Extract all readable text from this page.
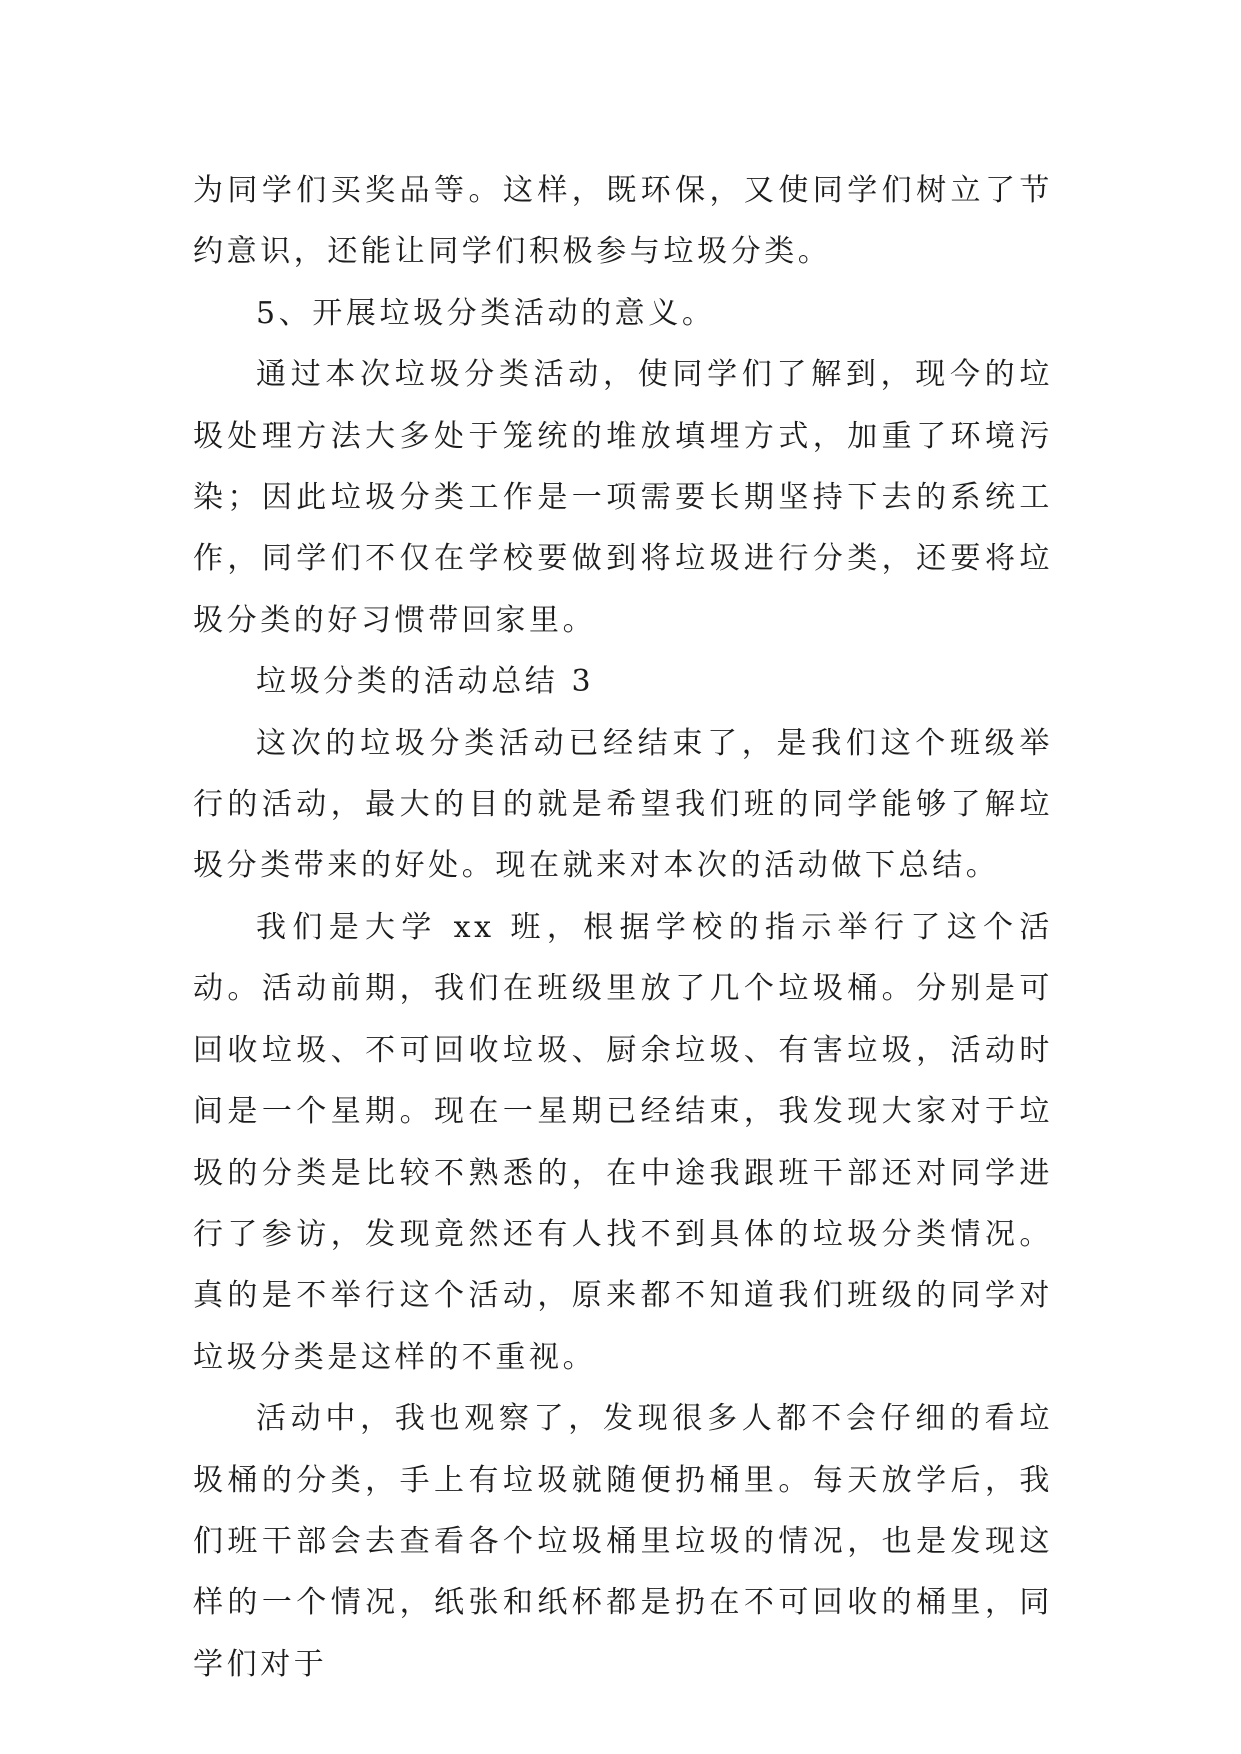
为同学们买奖品等。这样，既环保，又使同学们树立了节约意识，还能让同学们积极参与垃圾分类。

5、开展垃圾分类活动的意义。

通过本次垃圾分类活动，使同学们了解到，现今的垃圾处理方法大多处于笼统的堆放填埋方式，加重了环境污染；因此垃圾分类工作是一项需要长期坚持下去的系统工作，同学们不仅在学校要做到将垃圾进行分类，还要将垃圾分类的好习惯带回家里。

垃圾分类的活动总结 3

这次的垃圾分类活动已经结束了，是我们这个班级举行的活动，最大的目的就是希望我们班的同学能够了解垃圾分类带来的好处。现在就来对本次的活动做下总结。

我们是大学 xx 班，根据学校的指示举行了这个活动。活动前期，我们在班级里放了几个垃圾桶。分别是可回收垃圾、不可回收垃圾、厨余垃圾、有害垃圾，活动时间是一个星期。现在一星期已经结束，我发现大家对于垃圾的分类是比较不熟悉的，在中途我跟班干部还对同学进行了参访，发现竟然还有人找不到具体的垃圾分类情况。真的是不举行这个活动，原来都不知道我们班级的同学对垃圾分类是这样的不重视。

活动中，我也观察了，发现很多人都不会仔细的看垃圾桶的分类，手上有垃圾就随便扔桶里。每天放学后，我们班干部会去查看各个垃圾桶里垃圾的情况，也是发现这样的一个情况，纸张和纸杯都是扔在不可回收的桶里，同学们对于
